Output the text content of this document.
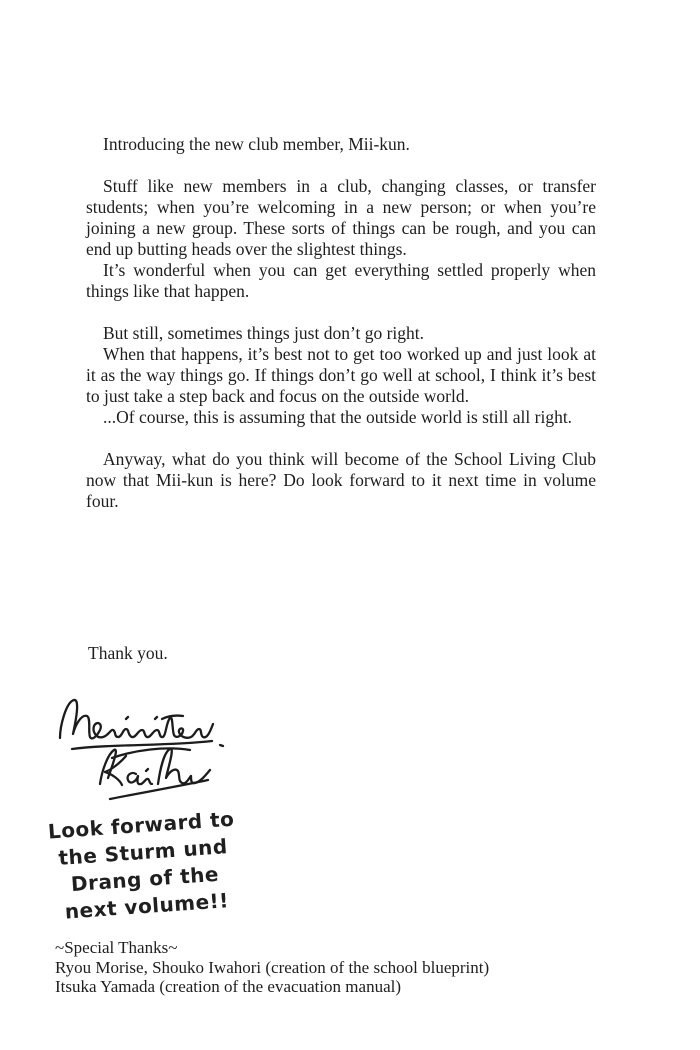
Introducing the new club member, Mii-kun.

Stuff like new members in a club, changing classes, or transfer students; when you’re welcoming in a new person; or when you’re joining a new group. These sorts of things can be rough, and you can end up butting heads over the slightest things.

It’s wonderful when you can get everything settled properly when things like that happen.

But still, sometimes things just don’t go right.

When that happens, it’s best not to get too worked up and just look at it as the way things go. If things don’t go well at school, I think it’s best to just take a step back and focus on the outside world.

...Of course, this is assuming that the outside world is still all right.

Anyway, what do you think will become of the School Living Club now that Mii-kun is here? Do look forward to it next time in volume four.

Thank you.

Look forward to
the Sturm und
Drang of the
next volume!!
~Special Thanks~
Ryou Morise, Shouko Iwahori (creation of the school blueprint)
Itsuka Yamada (creation of the evacuation manual)
